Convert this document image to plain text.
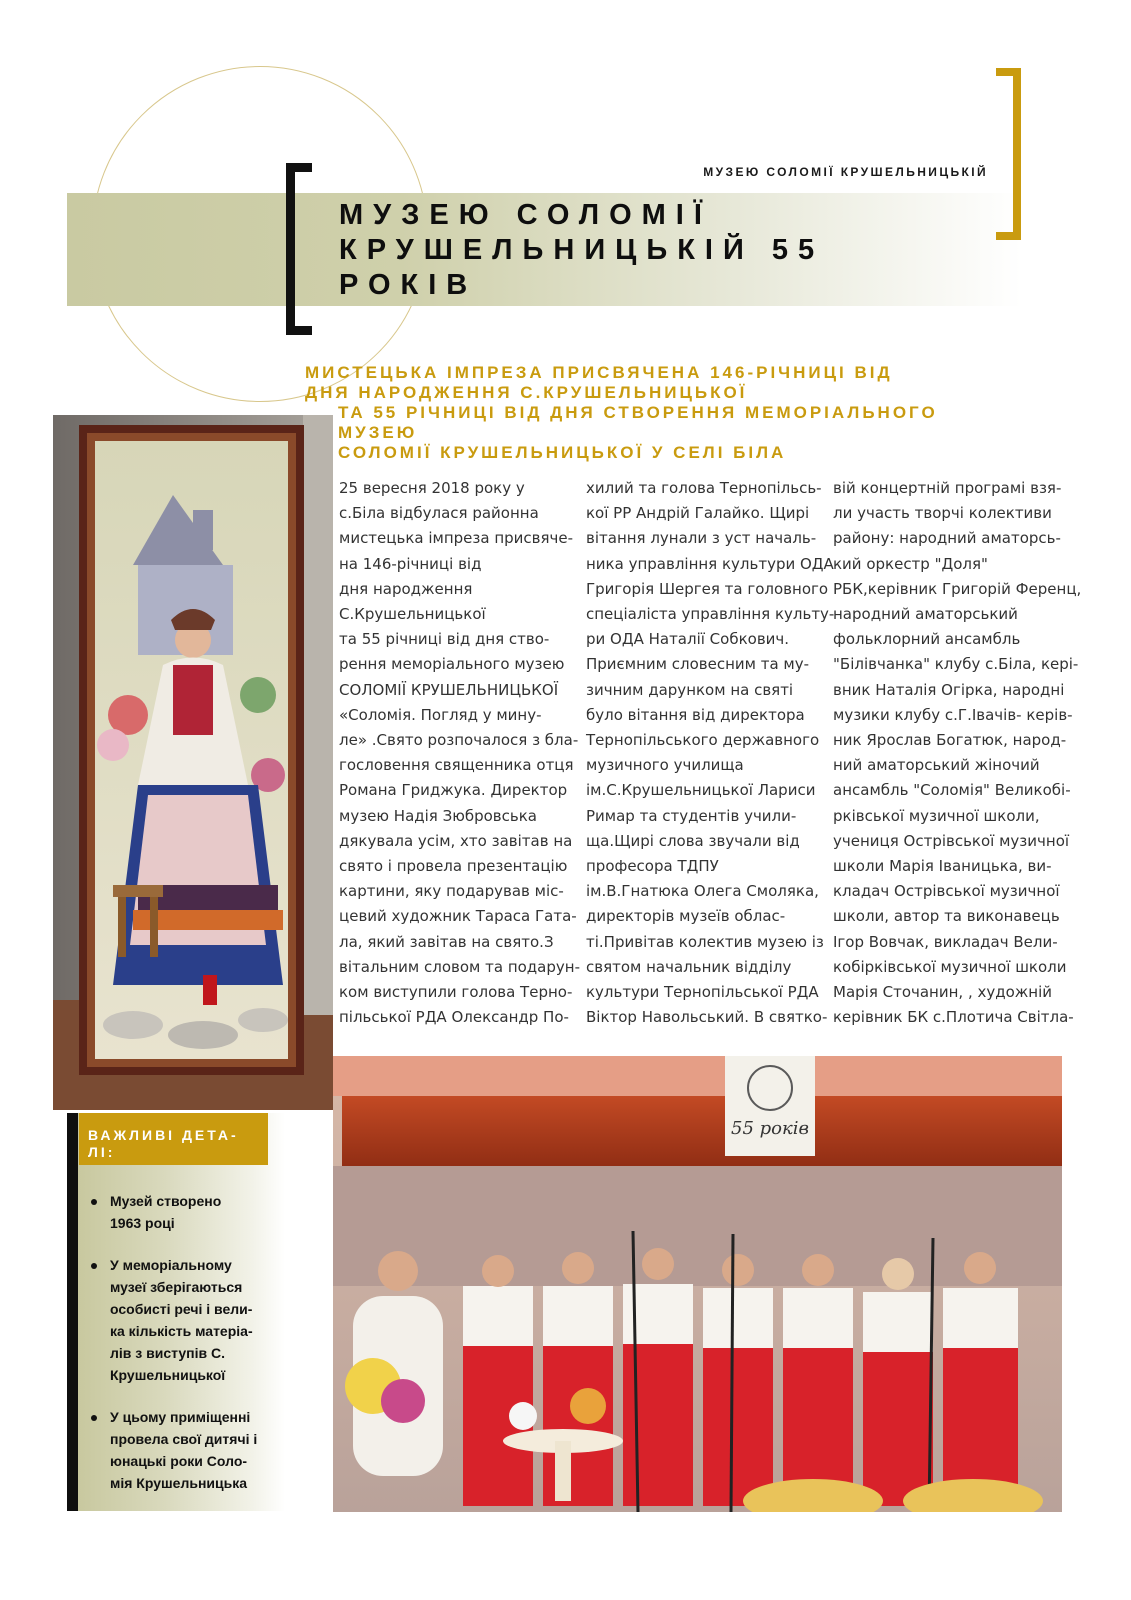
МУЗЕЮ СОЛОМІЇ КРУШЕЛЬНИЦЬКІЙ
МУЗЕЮ СОЛОМІЇ
КРУШЕЛЬНИЦЬКІЙ 55
РОКІВ
МИСТЕЦЬКА ІМПРЕЗА ПРИСВЯЧЕНА 146-РІЧНИЦІ ВІД
ДНЯ НАРОДЖЕННЯ С.КРУШЕЛЬНИЦЬКОЇ
ТА 55 РІЧНИЦІ ВІД ДНЯ СТВОРЕННЯ МЕМОРІАЛЬНОГО
МУЗЕЮ
СОЛОМІЇ КРУШЕЛЬНИЦЬКОЇ У СЕЛІ БІЛА
25 вересня 2018 року у
с.Біла відбулася районна
мистецька імпреза присвяче-
на 146-річниці від
дня народження
С.Крушельницької
та 55 річниці від дня ство-
рення меморіального музею
СОЛОМІЇ КРУШЕЛЬНИЦЬКОЇ
«Соломія. Погляд у мину-
ле» .Свято розпочалося з бла-
гословення священника отця
Романа Гриджука. Директор
музею Надія Зюбровська
дякувала усім, хто завітав на
свято і провела презентацію
картини, яку подарував міс-
цевий художник Тараса Гата-
ла, який завітав на свято.З
вітальним словом та подарун-
ком виступили голова Терно-
пільської РДА Олександр По-
хилий та голова Тернопільсь-
кої РР Андрій Галайко. Щирі
вітання лунали з уст началь-
ника управління культури ОДА
Григорія Шергея та головного
спеціаліста управління культу-
ри ОДА Наталії Собкович.
Приємним словесним та му-
зичним дарунком на святі
було вітання від директора
Тернопільського державного
музичного училища
ім.С.Крушельницької Лариси
Римар та студентів учили-
ща.Щирі слова звучали від
професора ТДПУ
ім.В.Гнатюка Олега Смоляка,
директорів музеїв облас-
ті.Привітав колектив музею із
святом начальник відділу
культури Тернопільської РДА
Віктор Навольський. В святко-
вій концертній програмі взя-
ли участь творчі колективи
району: народний аматорсь-
кий оркестр "Доля"
РБК,керівник Григорій Ференц,
народний аматорський
фольклорний ансамбль
"Білівчанка" клубу с.Біла, кері-
вник Наталія Огірка, народні
музики клубу с.Г.Івачів- керів-
ник Ярослав Богатюк, народ-
ний аматорський жіночий
ансамбль "Соломія" Великобі-
рківської музичної школи,
учениця Острівської музичної
школи Марія Іваницька, ви-
кладач Острівської музичної
школи, автор та виконавець
Ігор Вовчак, викладач Вели-
кобірківської музичної школи
Марія Сточанин, , художній
керівник БК с.Плотича Світла-
55 років
ВАЖЛИВІ ДЕТА-
ЛІ:
Музей створено
1963 році
У меморіальному
музеї зберігаються
особисті речі і вели-
ка кількість матеріа-
лів з виступів С.
Крушельницької
У цьому приміщенні
провела свої дитячі і
юнацькі роки Соло-
мія Крушельницька
